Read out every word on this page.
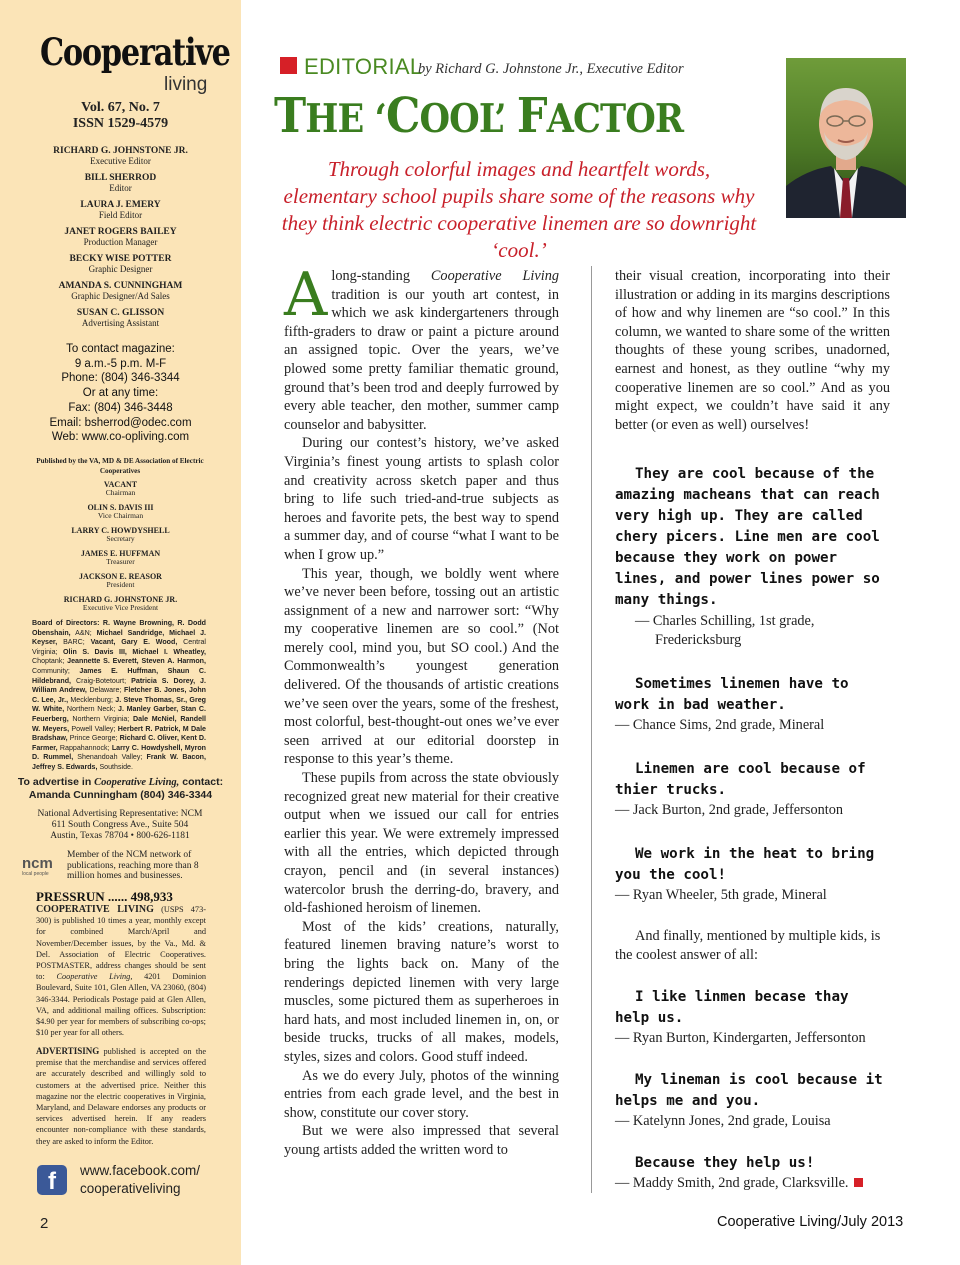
Cooperative
living
Vol. 67, No. 7
ISSN 1529-4579
RICHARD G. JOHNSTONE JR.
Executive Editor
BILL SHERROD
Editor
LAURA J. EMERY
Field Editor
JANET ROGERS BAILEY
Production Manager
BECKY WISE POTTER
Graphic Designer
AMANDA S. CUNNINGHAM
Graphic Designer/Ad Sales
SUSAN C. GLISSON
Advertising Assistant
To contact magazine:
9 a.m.-5 p.m. M-F
Phone: (804) 346-3344
Or at any time:
Fax: (804) 346-3448
Email: bsherrod@odec.com
Web: www.co-opliving.com
Published by the VA, MD & DE Association of Electric Cooperatives
VACANT
Chairman
OLIN S. DAVIS III
Vice Chairman
LARRY C. HOWDYSHELL
Secretary
JAMES E. HUFFMAN
Treasurer
JACKSON E. REASOR
President
RICHARD G. JOHNSTONE JR.
Executive Vice President
Board of Directors: R. Wayne Browning, R. Dodd Obenshain, A&N; Michael Sandridge, Michael J. Keyser, BARC; Vacant, Gary E. Wood, Central Virginia; Olin S. Davis III, Michael I. Wheatley, Choptank; Jeannette S. Everett, Steven A. Harmon, Community; James E. Huffman, Shaun C. Hildebrand, Craig-Botetourt; Patricia S. Dorey, J. William Andrew, Delaware; Fletcher B. Jones, John C. Lee, Jr., Mecklenburg; J. Steve Thomas, Sr., Greg W. White, Northern Neck; J. Manley Garber, Stan C. Feuerberg, Northern Virginia; Dale McNiel, Randell W. Meyers, Powell Valley; Herbert R. Patrick, M Dale Bradshaw, Prince George; Richard C. Oliver, Kent D. Farmer, Rappahannock; Larry C. Howdyshell, Myron D. Rummel, Shenandoah Valley; Frank W. Bacon, Jeffrey S. Edwards, Southside.
To advertise in Cooperative Living, contact:
Amanda Cunningham (804) 346-3344
National Advertising Representative: NCM
611 South Congress Ave., Suite 504
Austin, Texas 78704 • 800-626-1181
ncm
local people
Member of the NCM network of publications, reaching more than 8 million homes and businesses.
PRESSRUN ...... 498,933
COOPERATIVE LIVING (USPS 473-300) is published 10 times a year, monthly except for combined March/April and November/December issues, by the Va., Md. & Del. Association of Electric Cooperatives. POSTMASTER, address changes should be sent to: Cooperative Living, 4201 Dominion Boulevard, Suite 101, Glen Allen, VA 23060, (804) 346-3344. Periodicals Postage paid at Glen Allen, VA, and additional mailing offices. Subscription: $4.90 per year for members of subscribing co-ops; $10 per year for all others.
ADVERTISING published is accepted on the premise that the merchandise and services offered are accurately described and willingly sold to customers at the advertised price. Neither this magazine nor the electric cooperatives in Virginia, Maryland, and Delaware endorses any products or services advertised herein. If any readers encounter non-compliance with these standards, they are asked to inform the Editor.
f	www.facebook.com/
cooperativeliving
2
EDITORIAL
by Richard G. Johnstone Jr., Executive Editor
THE ‘COOL’ FACTOR
Through colorful images and heartfelt words, elementary school pupils share some of the reasons why they think electric cooperative linemen are so downright ‘cool.’

Along-standing Cooperative Living tradition is our youth art contest, in which we ask kindergarteners through fifth-graders to draw or paint a picture around an assigned topic. Over the years, we’ve plowed some pretty familiar thematic ground, ground that’s been trod and deeply furrowed by every able teacher, den mother, summer camp counselor and babysitter.

During our contest’s history, we’ve asked Virginia’s finest young artists to splash color and creativity across sketch paper and thus bring to life such tried-and-true subjects as heroes and favorite pets, the best way to spend a summer day, and of course “what I want to be when I grow up.”

This year, though, we boldly went where we’ve never been before, tossing out an artistic assignment of a new and narrower sort: “Why my cooperative linemen are so cool.” (Not merely cool, mind you, but SO cool.) And the Commonwealth’s youngest generation delivered. Of the thousands of artistic creations we’ve seen over the years, some of the freshest, most colorful, best-thought-out ones we’ve ever seen arrived at our editorial doorstep in response to this year’s theme.

These pupils from across the state obviously recognized great new material for their creative output when we issued our call for entries earlier this year. We were extremely impressed with all the entries, which depicted through crayon, pencil and (in several instances) watercolor brush the derring-do, bravery, and old-fashioned heroism of linemen.

Most of the kids’ creations, naturally, featured linemen braving nature’s worst to bring the lights back on. Many of the renderings depicted linemen with very large muscles, some pictured them as superheroes in hard hats, and most included linemen in, on, or beside trucks, trucks of all makes, models, styles, sizes and colors. Good stuff indeed.

As we do every July, photos of the winning entries from each grade level, and the best in show, constitute our cover story.

But we were also impressed that several young artists added the written word to

their visual creation, incorporating into their illustration or adding in its margins descriptions of how and why linemen are “so cool.” In this column, we wanted to share some of the written thoughts of these young scribes, unadorned, earnest and honest, as they outline “why my cooperative linemen are so cool.” And as you might expect, we couldn’t have said it any better (or even as well) ourselves!
They are cool because of the amazing macheans that can reach very high up. They are called chery picers. Line men are cool because they work on power lines, and power lines power so many things.
— Charles Schilling, 1st grade, Fredericksburg
Sometimes linemen have to work in bad weather.
— Chance Sims, 2nd grade, Mineral
Linemen are cool because of thier trucks.
— Jack Burton, 2nd grade, Jeffersonton
We work in the heat to bring you the cool!
— Ryan Wheeler, 5th grade, Mineral
And finally, mentioned by multiple kids, is the coolest answer of all:
I like linmen becase thay help us.
— Ryan Burton, Kindergarten, Jeffersonton
My lineman is cool because it helps me and you.
— Katelynn Jones, 2nd grade, Louisa
Because they help us!
— Maddy Smith, 2nd grade, Clarksville.
Cooperative Living/July 2013
